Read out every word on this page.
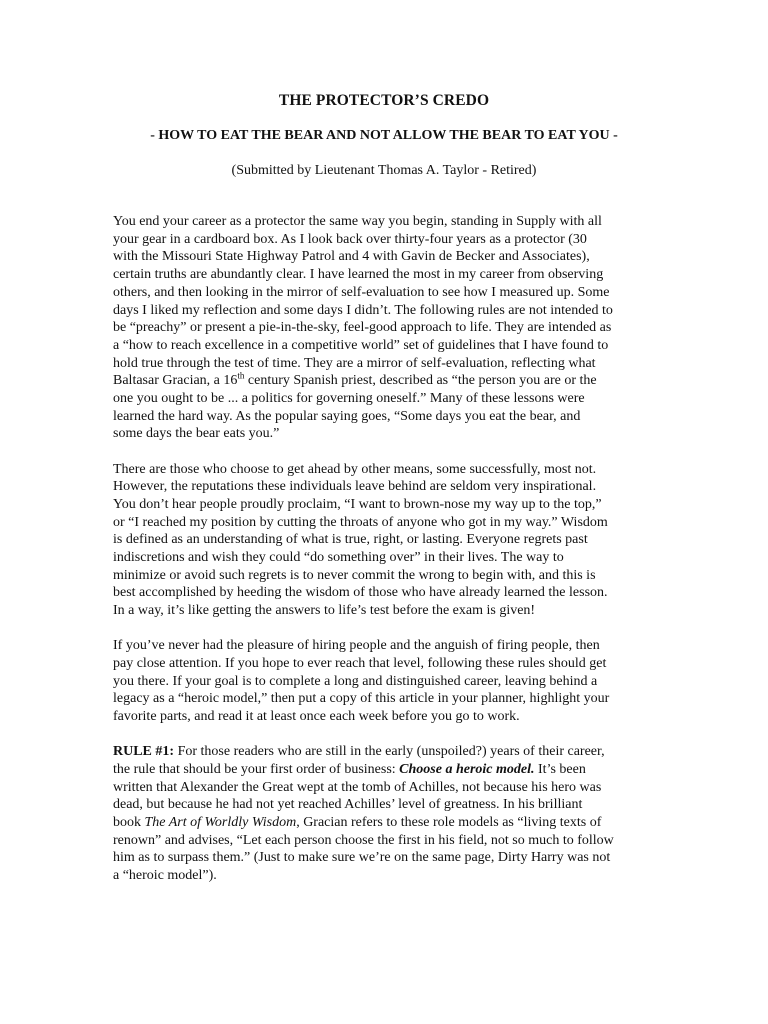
THE PROTECTOR’S CREDO
- HOW TO EAT THE BEAR AND NOT ALLOW THE BEAR TO EAT YOU -
(Submitted by Lieutenant Thomas A. Taylor - Retired)

You end your career as a protector the same way you begin, standing in Supply with all
your gear in a cardboard box. As I look back over thirty-four years as a protector (30
with the Missouri State Highway Patrol and 4 with Gavin de Becker and Associates),
certain truths are abundantly clear. I have learned the most in my career from observing
others, and then looking in the mirror of self-evaluation to see how I measured up. Some
days I liked my reflection and some days I didn’t. The following rules are not intended to
be “preachy” or present a pie-in-the-sky, feel-good approach to life. They are intended as
a “how to reach excellence in a competitive world” set of guidelines that I have found to
hold true through the test of time. They are a mirror of self-evaluation, reflecting what
Baltasar Gracian, a 16th century Spanish priest, described as “the person you are or the
one you ought to be ... a politics for governing oneself.” Many of these lessons were
learned the hard way. As the popular saying goes, “Some days you eat the bear, and
some days the bear eats you.”

There are those who choose to get ahead by other means, some successfully, most not.
However, the reputations these individuals leave behind are seldom very inspirational.
You don’t hear people proudly proclaim, “I want to brown-nose my way up to the top,”
or “I reached my position by cutting the throats of anyone who got in my way.” Wisdom
is defined as an understanding of what is true, right, or lasting. Everyone regrets past
indiscretions and wish they could “do something over” in their lives. The way to
minimize or avoid such regrets is to never commit the wrong to begin with, and this is
best accomplished by heeding the wisdom of those who have already learned the lesson.
In a way, it’s like getting the answers to life’s test before the exam is given!

If you’ve never had the pleasure of hiring people and the anguish of firing people, then
pay close attention. If you hope to ever reach that level, following these rules should get
you there. If your goal is to complete a long and distinguished career, leaving behind a
legacy as a “heroic model,” then put a copy of this article in your planner, highlight your
favorite parts, and read it at least once each week before you go to work.

RULE #1: For those readers who are still in the early (unspoiled?) years of their career,
the rule that should be your first order of business: Choose a heroic model. It’s been
written that Alexander the Great wept at the tomb of Achilles, not because his hero was
dead, but because he had not yet reached Achilles’ level of greatness. In his brilliant
book The Art of Worldly Wisdom, Gracian refers to these role models as “living texts of
renown” and advises, “Let each person choose the first in his field, not so much to follow
him as to surpass them.” (Just to make sure we’re on the same page, Dirty Harry was not
a “heroic model”).
